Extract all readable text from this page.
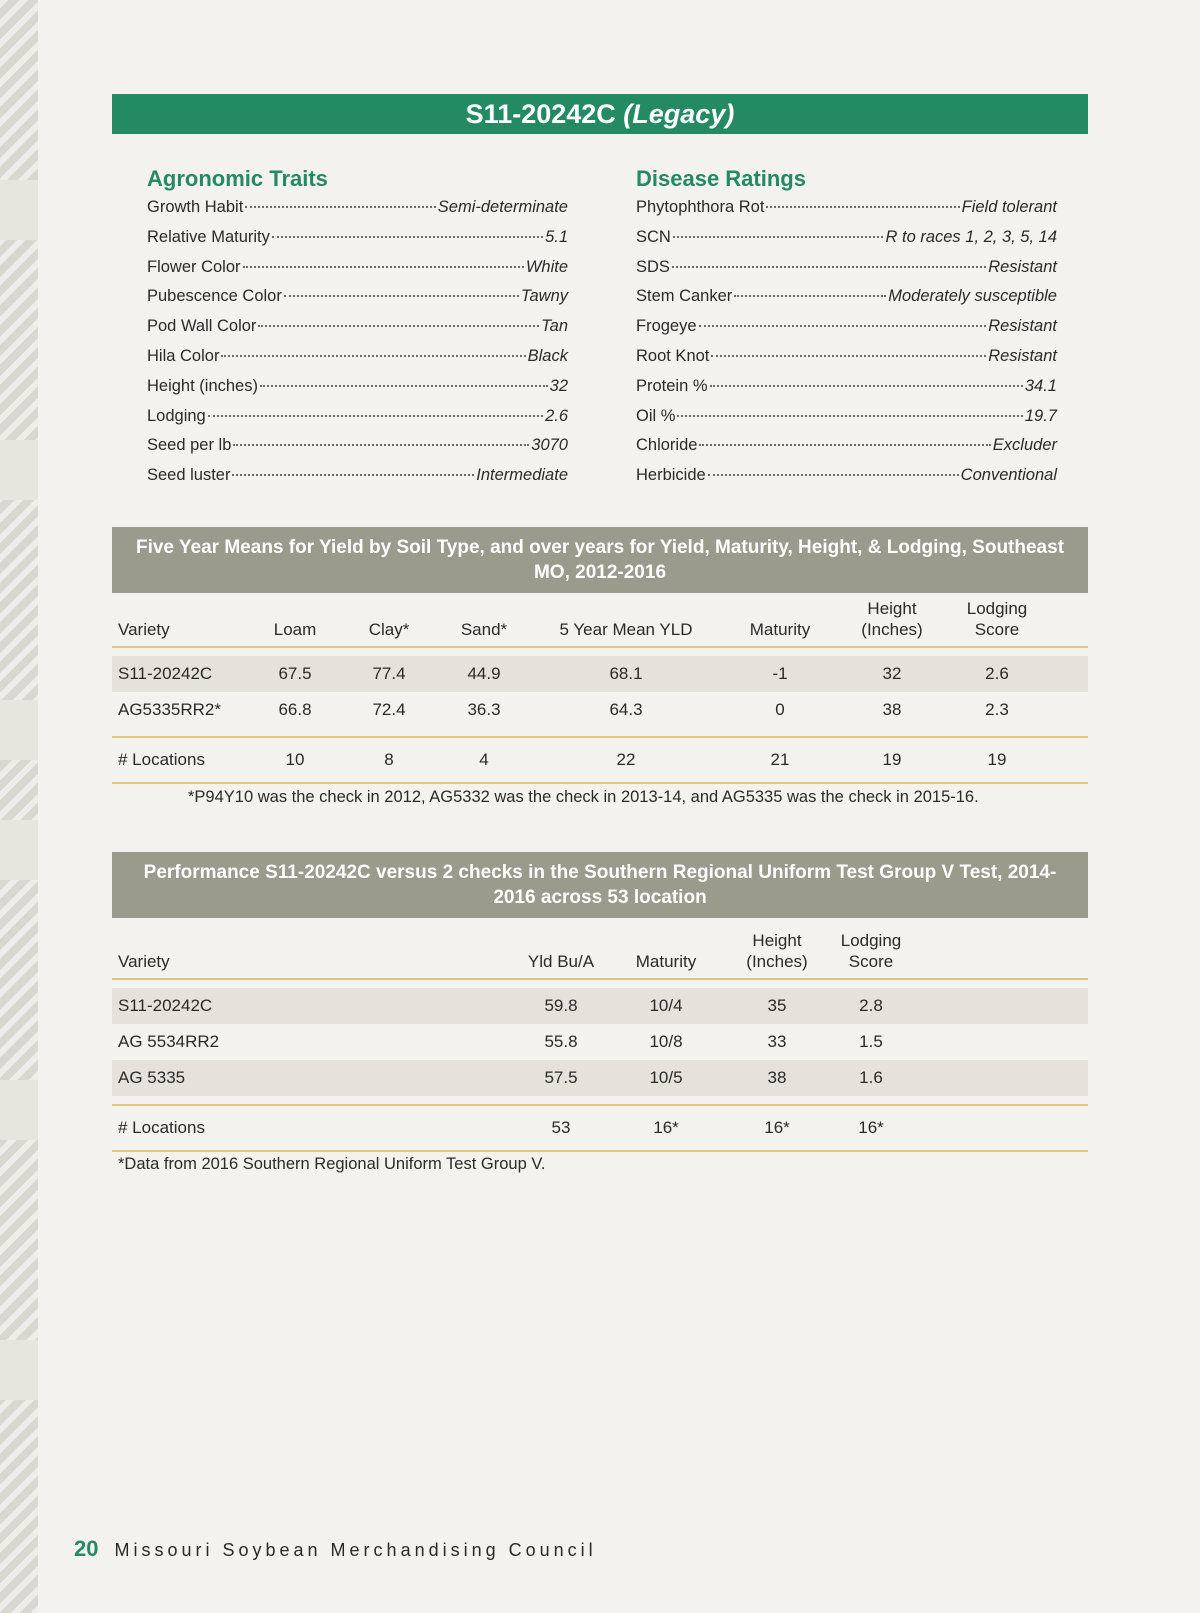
S11-20242C (Legacy)
Agronomic Traits
Growth Habit	Semi-determinate
Relative Maturity	5.1
Flower Color	White
Pubescence Color	Tawny
Pod Wall Color	Tan
Hila Color	Black
Height (inches)	32
Lodging	2.6
Seed per lb	3070
Seed luster	Intermediate
Disease Ratings
Phytophthora Rot	Field tolerant
SCN	R to races 1, 2, 3, 5, 14
SDS	Resistant
Stem Canker	Moderately susceptible
Frogeye	Resistant
Root Knot	Resistant
Protein %	34.1
Oil %	19.7
Chloride	Excluder
Herbicide	Conventional
Five Year Means for Yield by Soil Type, and over years for Yield, Maturity, Height, & Lodging, Southeast MO, 2012-2016
Variety	Loam	Clay*	Sand*	5 Year Mean YLD	Maturity	Height (Inches)	Lodging Score	

S11-20242C	67.5	77.4	44.9	68.1	-1	32	2.6	
AG5335RR2*	66.8	72.4	36.3	64.3	0	38	2.3	

# Locations	10	8	4	22	21	19	19	
*P94Y10 was the check in 2012, AG5332 was the check in 2013-14, and AG5335 was the check in 2015-16.
Performance S11-20242C versus 2 checks in the Southern Regional Uniform Test Group V Test, 2014-2016 across 53 location
Variety	Yld Bu/A	Maturity	Height (Inches)	Lodging Score	

S11-20242C	59.8	10/4	35	2.8	
AG 5534RR2	55.8	10/8	33	1.5	
AG 5335	57.5	10/5	38	1.6	

# Locations	53	16*	16*	16*	
*Data from 2016 Southern Regional Uniform Test Group V.
20 Missouri Soybean Merchandising Council
